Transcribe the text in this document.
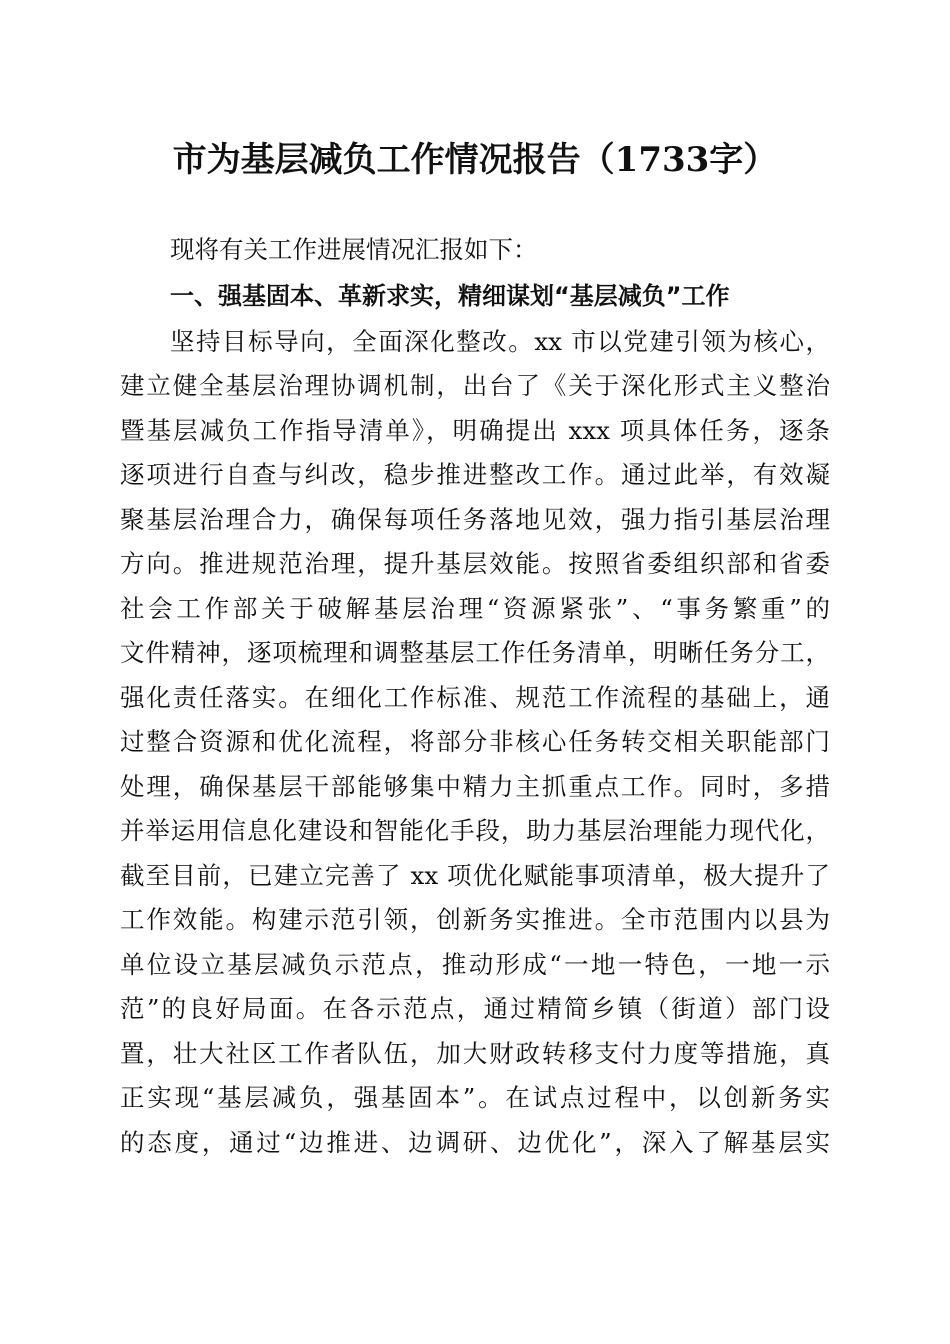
市为基层减负工作情况报告（1733字）
现将有关工作进展情况汇报如下：
一、强基固本、革新求实，精细谋划“基层减负”工作
坚持目标导向，全面深化整改。xx 市以党建引领为核心，
建立健全基层治理协调机制，出台了《关于深化形式主义整治
暨基层减负工作指导清单》，明确提出 xxx 项具体任务，逐条
逐项进行自查与纠改，稳步推进整改工作。通过此举，有效凝
聚基层治理合力，确保每项任务落地见效，强力指引基层治理
方向。推进规范治理，提升基层效能。按照省委组织部和省委
社会工作部关于破解基层治理“资源紧张”、“事务繁重”的
文件精神，逐项梳理和调整基层工作任务清单，明晰任务分工，
强化责任落实。在细化工作标准、规范工作流程的基础上，通
过整合资源和优化流程，将部分非核心任务转交相关职能部门
处理，确保基层干部能够集中精力主抓重点工作。同时，多措
并举运用信息化建设和智能化手段，助力基层治理能力现代化，
截至目前，已建立完善了 xx 项优化赋能事项清单，极大提升了
工作效能。构建示范引领，创新务实推进。全市范围内以县为
单位设立基层减负示范点，推动形成“一地一特色，一地一示
范”的良好局面。在各示范点，通过精简乡镇（街道）部门设
置，壮大社区工作者队伍，加大财政转移支付力度等措施，真
正实现“基层减负，强基固本”。在试点过程中，以创新务实
的态度，通过“边推进、边调研、边优化”，深入了解基层实
